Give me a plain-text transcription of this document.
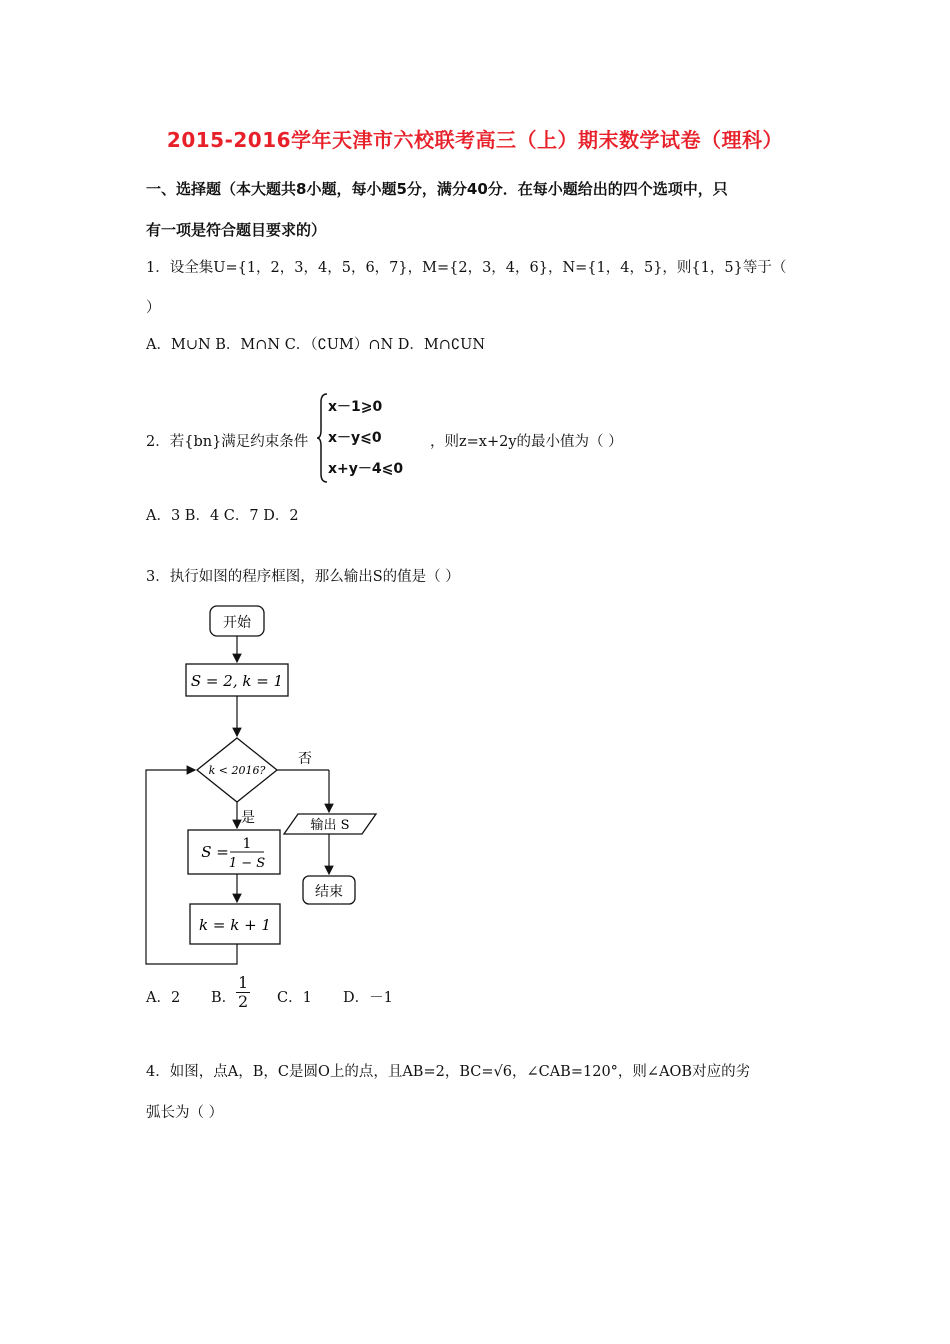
2015-2016学年天津市六校联考高三（上）期末数学试卷（理科）
一、选择题（本大题共8小题，每小题5分，满分40分．在每小题给出的四个选项中，只
有一项是符合题目要求的）
1．设全集U={1，2，3，4，5，6，7}，M={2，3，4，6}，N={1，4，5}，则{1，5}等于（
）
A．M∪N B．M∩N C．（∁UM）∩N D．M∩∁UN
2．若{bn}满足约束条件
x－1⩾0
x－y⩽0
x+y－4⩽0
，则z=x+2y的最小值为（ ）
A．3 B．4 C．7 D．2
3．执行如图的程序框图，那么输出S的值是（ ）
开始
S = 2, k = 1
k < 2016?
否
输出 S
结束
是
S = 1
1 − S
k = k + 1
A．2 B． $\frac{1}{2}$ C．1 D．－1
4．如图，点A，B，C是圆O上的点，且AB=2，BC=√6，∠CAB=120°，则∠AOB对应的劣
弧长为（ ）
